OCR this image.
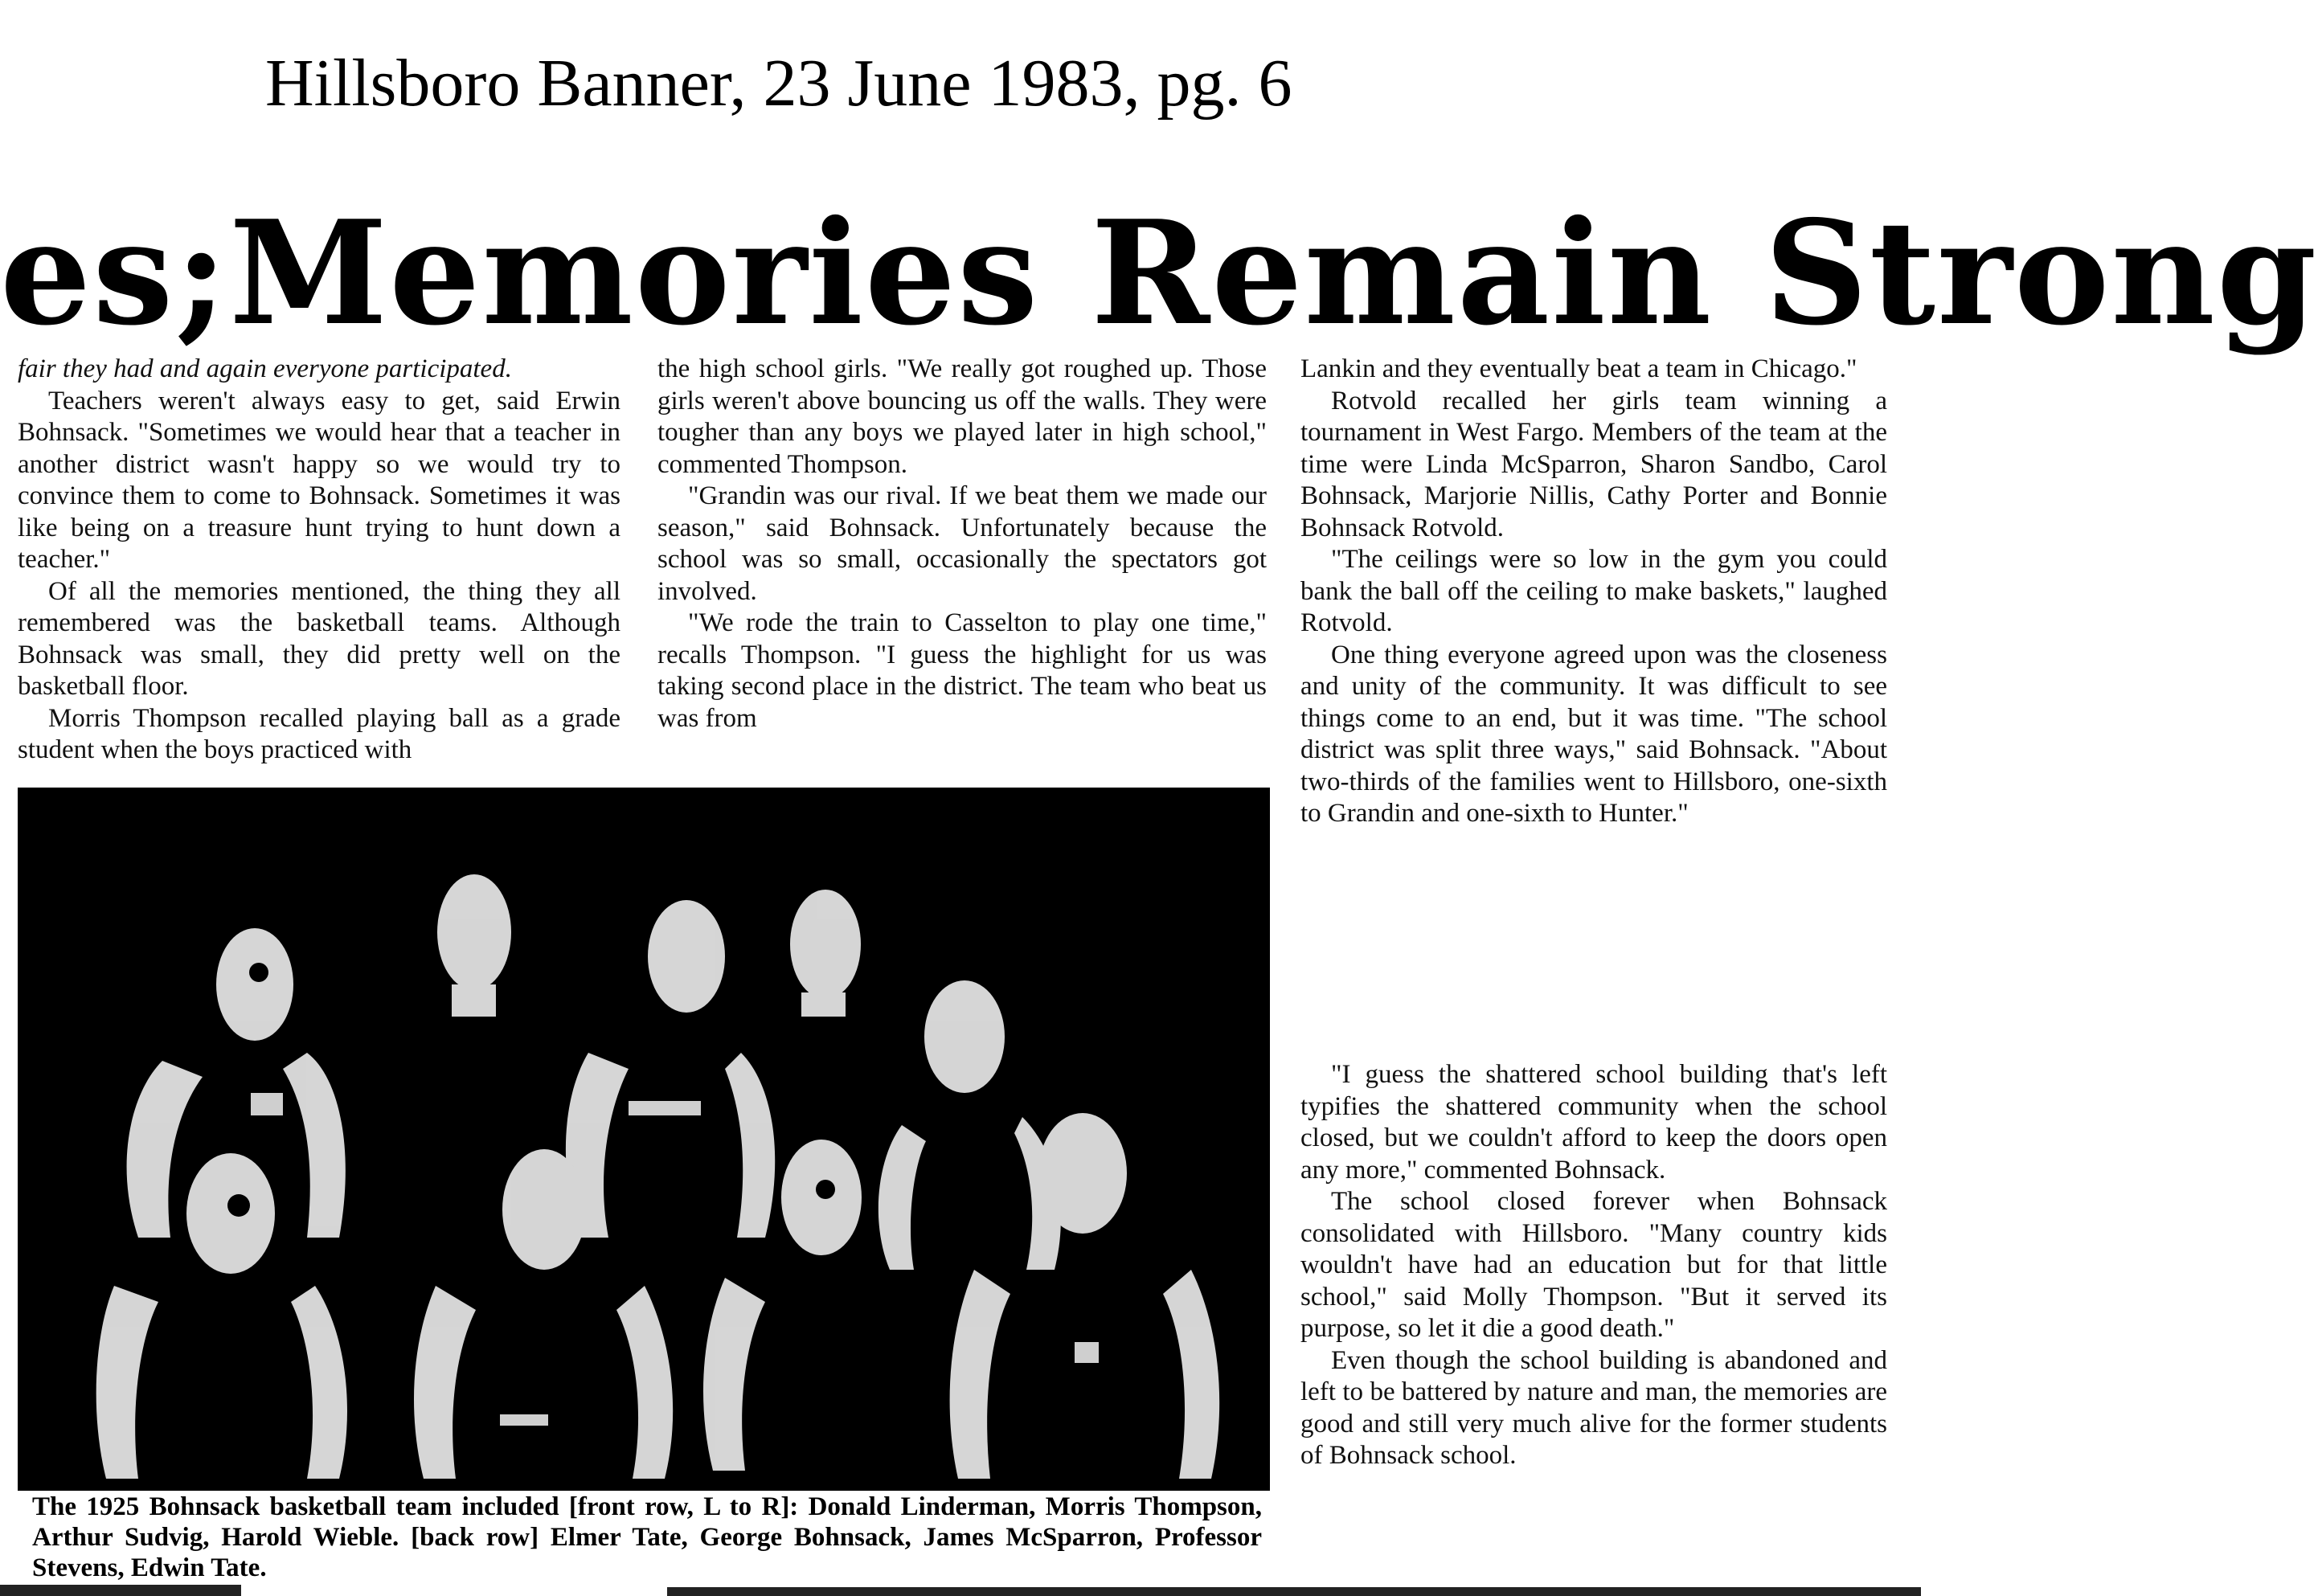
Hillsboro Banner, 23 June 1983, pg. 6
es;Memories Remain Strong

fair they had and again everyone participated.

Teachers weren't always easy to get, said Erwin Bohnsack. "Sometimes we would hear that a teacher in another district wasn't happy so we would try to convince them to come to Bohnsack. Sometimes it was like being on a treasure hunt trying to hunt down a teacher."

Of all the memories mentioned, the thing they all remembered was the basketball teams. Although Bohnsack was small, they did pretty well on the basketball floor.

Morris Thompson recalled playing ball as a grade student when the boys practiced with

the high school girls. "We really got roughed up. Those girls weren't above bouncing us off the walls. They were tougher than any boys we played later in high school," commented Thompson.

"Grandin was our rival. If we beat them we made our season," said Bohnsack. Unfortunately because the school was so small, occasionally the spectators got involved.

"We rode the train to Casselton to play one time," recalls Thompson. "I guess the highlight for us was taking second place in the district. The team who beat us was from

Lankin and they eventually beat a team in Chicago."

Rotvold recalled her girls team winning a tournament in West Fargo. Members of the team at the time were Linda McSparron, Sharon Sandbo, Carol Bohnsack, Marjorie Nillis, Cathy Porter and Bonnie Bohnsack Rotvold.

"The ceilings were so low in the gym you could bank the ball off the ceiling to make baskets," laughed Rotvold.

One thing everyone agreed upon was the closeness and unity of the community. It was difficult to see things come to an end, but it was time. "The school district was split three ways," said Bohnsack. "About two-thirds of the families went to Hillsboro, one-sixth to Grandin and one-sixth to Hunter."

"I guess the shattered school building that's left typifies the shattered community when the school closed, but we couldn't afford to keep the doors open any more," commented Bohnsack.

The school closed forever when Bohnsack consolidated with Hillsboro. "Many country kids wouldn't have had an education but for that little school," said Molly Thompson. "But it served its purpose, so let it die a good death."

Even though the school building is abandoned and left to be battered by nature and man, the memories are good and still very much alive for the former students of Bohnsack school.

The 1925 Bohnsack basketball team included [front row, L to R]: Donald Linderman, Morris Thompson, Arthur Sudvig, Harold Wieble. [back row] Elmer Tate, George Bohnsack, James McSparron, Professor Stevens, Edwin Tate.
